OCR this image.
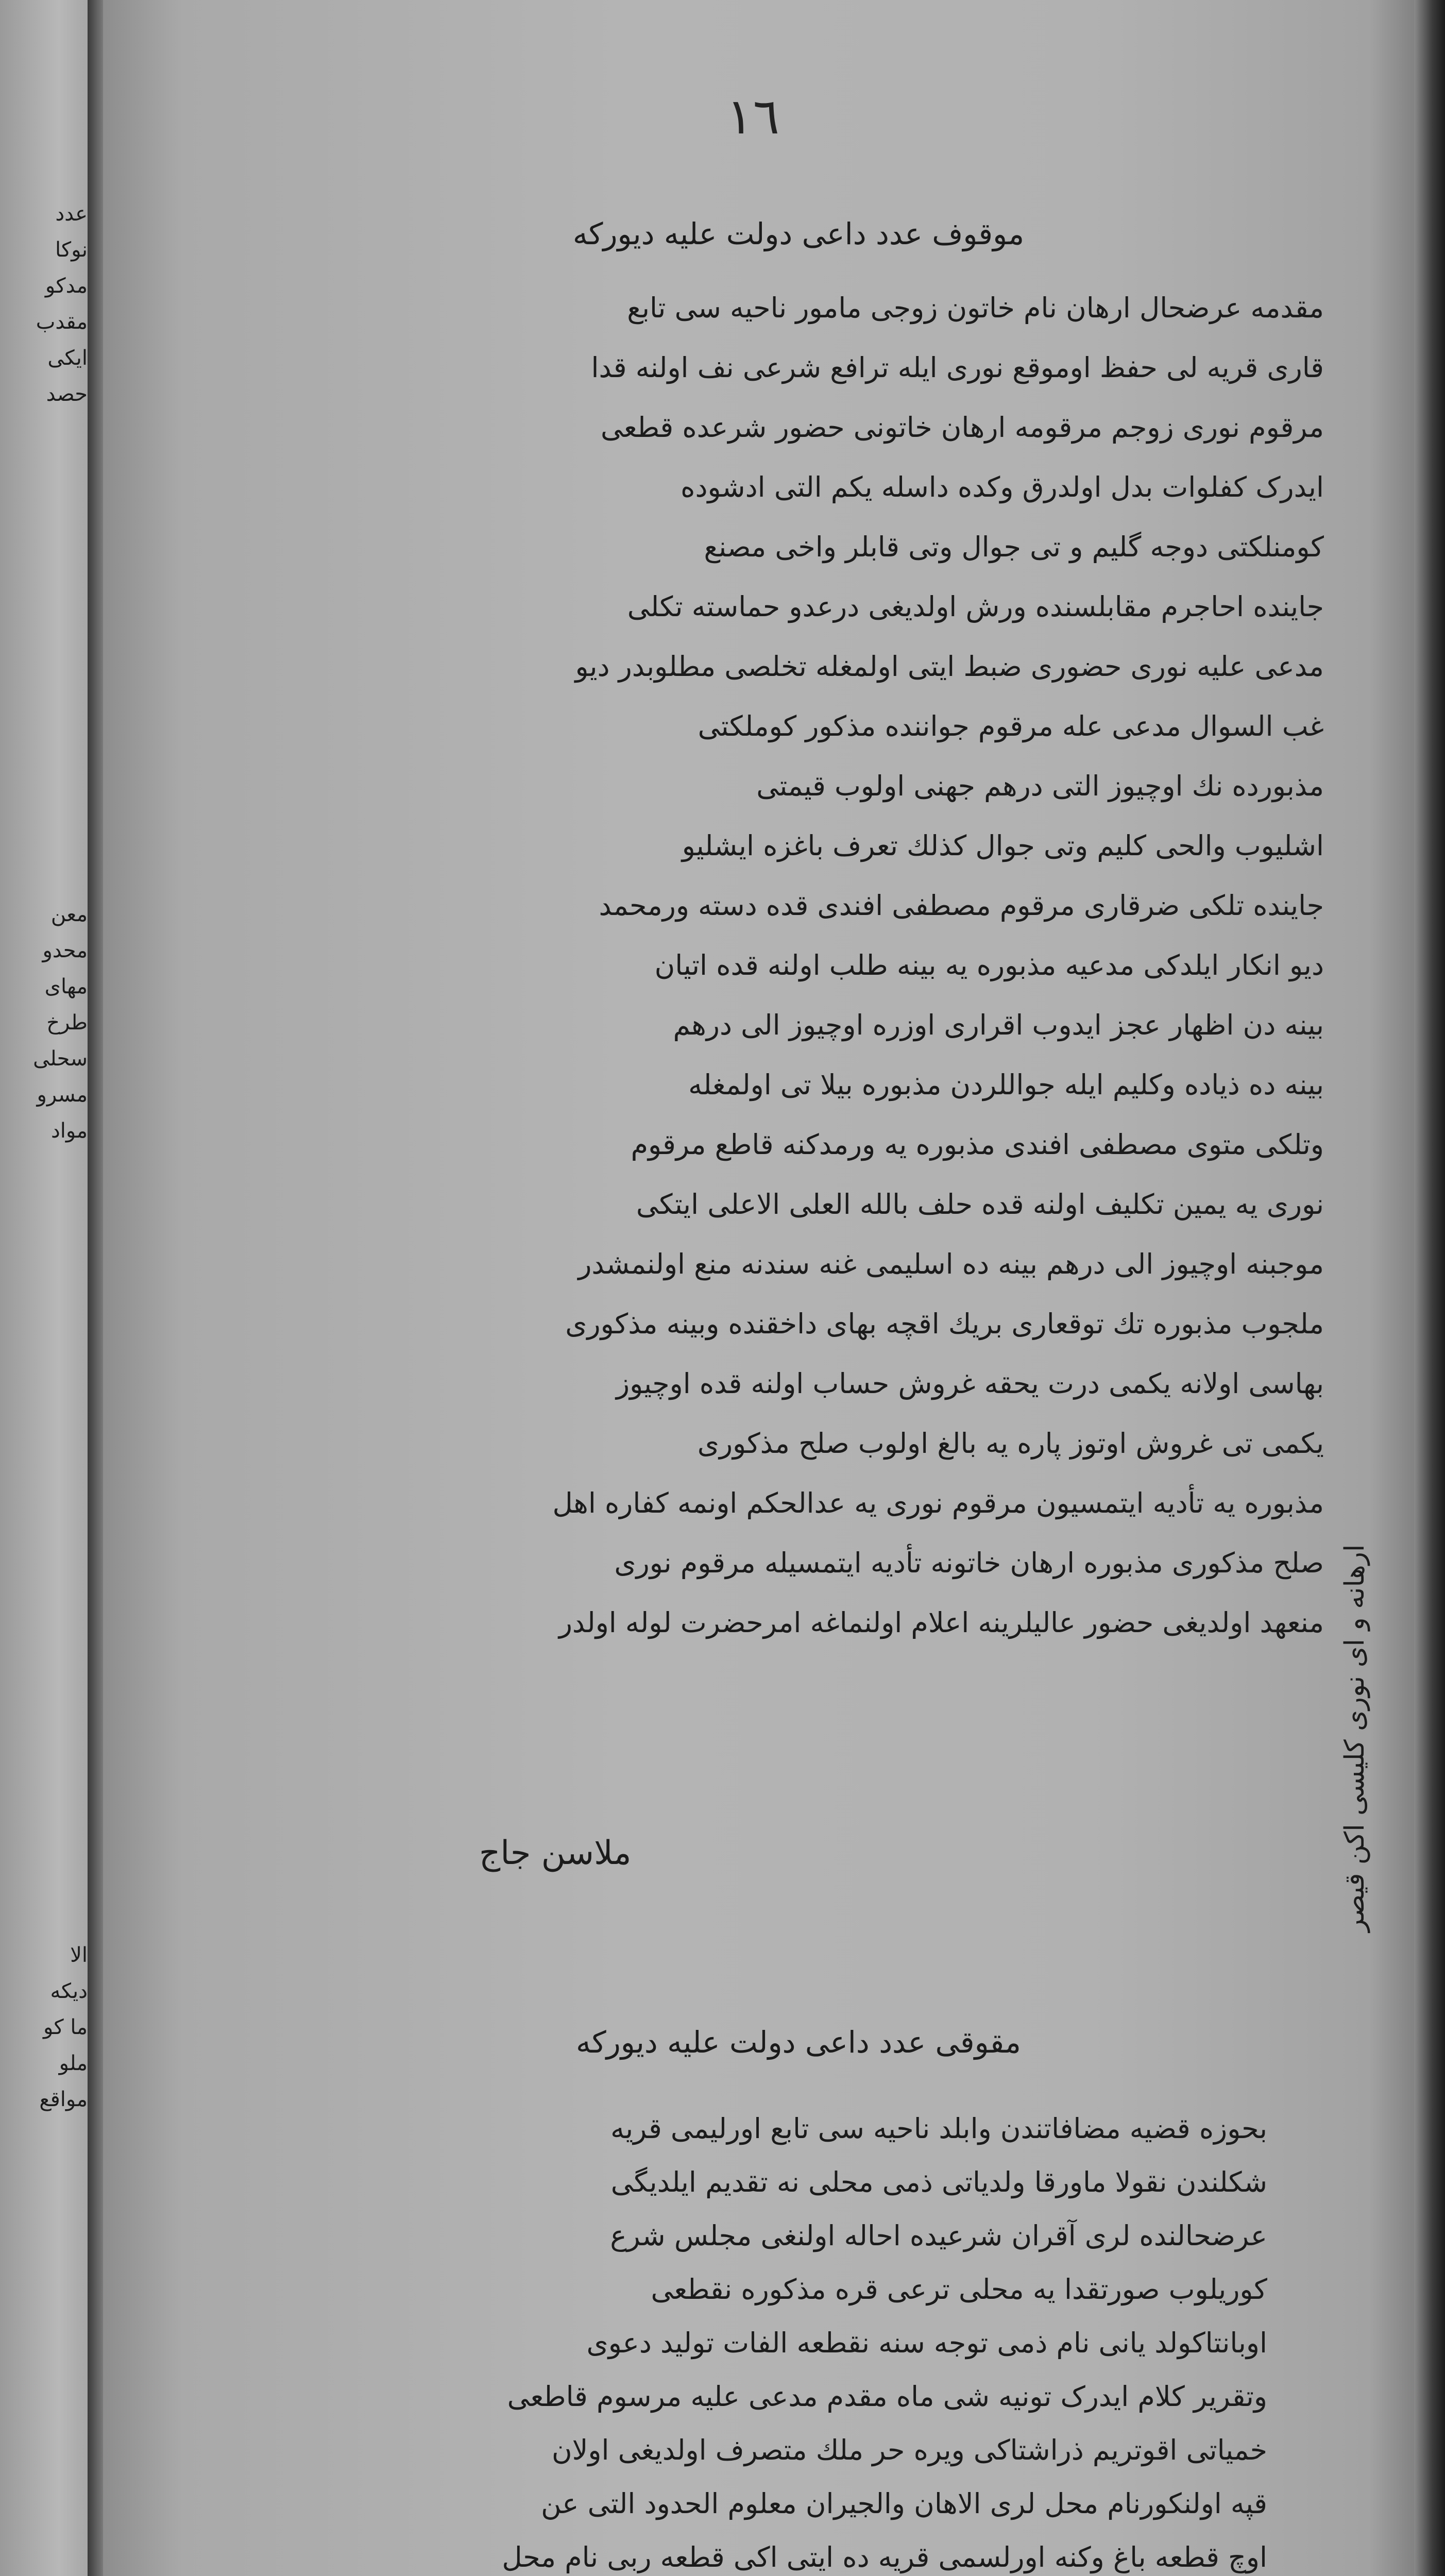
عدد
نوکا
مدکو
مقدب
ایکی
حصد
معن
محدو
مهای
طرخ
سحلی
مسرو
مواد
الا
دیکه
ما کو
ملو
مواقع
١٦
موقوف عدد داعی دولت علیه دیورکه
مقدمه عرضحال ارهان نام خاتون زوجی مامور ناحیه سی تابع
قاری قریه لی حفظ اوموقع نوری ایله ترافع شرعی نف اولنه قدا
مرقوم نوری زوجم مرقومه ارهان خاتونی حضور شرعده قطعی
ایدرک کفلوات بدل اولدرق وکده داسله یکم التی ادشوده
کومنلکتی دوجه گلیم و تی جوال وتی قابلر واخی مصنع
جاینده احاجرم مقابلسنده ورش اولدیغی درعدو حماسته تکلی
مدعی علیه نوری حضوری ضبط ایتی اولمغله تخلصی مطلوبدر دیو
غب السوال مدعی عله مرقوم جواننده مذکور کوملکتی
مذبورده نك اوچیوز التی درهم جهنی اولوب قیمتی
اشلیوب والحی کلیم وتی جوال کذلك تعرف باغزه ایشلیو
جاینده تلکی ضرقاری مرقوم مصطفی افندی قده دسته ورمحمد
دیو انکار ایلدکی مدعیه مذبوره یه بینه طلب اولنه قده اتیان
بینه دن اظهار عجز ایدوب اقراری اوزره اوچیوز الی درهم
بینه ده ذیاده وکلیم ایله جواللردن مذبوره بیلا تی اولمغله
وتلکی متوی مصطفی افندی مذبوره یه ورمدکنه قاطع مرقوم
نوری یه یمین تکلیف اولنه قده حلف بالله العلی الاعلی ایتکی
موجبنه اوچیوز الی درهم بینه ده اسلیمی غنه سندنه منع اولنمشدر
ملجوب مذبوره تك توقعاری بریك اقچه بهای داخقنده وبینه مذکوری
بهاسی اولانه یکمی درت یحقه غروش حساب اولنه قده اوچیوز
یکمی تی غروش اوتوز پاره یه بالغ اولوب صلح مذکوری
مذبوره یه تأدیه ایتمسیون مرقوم نوری یه عدالحکم اونمه کفاره اهل
صلح مذکوری مذبوره ارهان خاتونه تأدیه ایتمسیله مرقوم نوری
منعهد اولدیغی حضور عالیلرینه اعلام اولنماغه امرحضرت لوله اولدر
ملاسن جاج
مقوقی عدد داعی دولت علیه دیورکه
بحوزه قضیه مضافاتندن وابلد ناحیه سی تابع اورلیمی قریه
شکلندن نقولا ماورقا ولدیاتی ذمی محلی نه تقدیم ایلدیگی
عرضحالنده لری آقران شرعیده احاله اولنغی مجلس شرع
کوریلوب صورتقدا یه محلی ترعی قره مذکوره نقطعی
اوبانتاکولد یانی نام ذمی توجه سنه نقطعه الفات تولید دعوی
وتقریر کلام ایدرک تونیه شی ماه مقدم مدعی علیه مرسوم قاطعی
خمیاتی اقوتریم ذراشتاکی ویره حر ملك متصرف اولدیغی اولان
قپه اولنکورنام محل لری الاهان والجیران معلوم الحدود التی عن
اوچ قطعه باغ وکنه اورلسمی قریه ده ایتی اکی قطعه ربی نام محل
ارهانه و ای نوری کلیسی اکن قیصر
